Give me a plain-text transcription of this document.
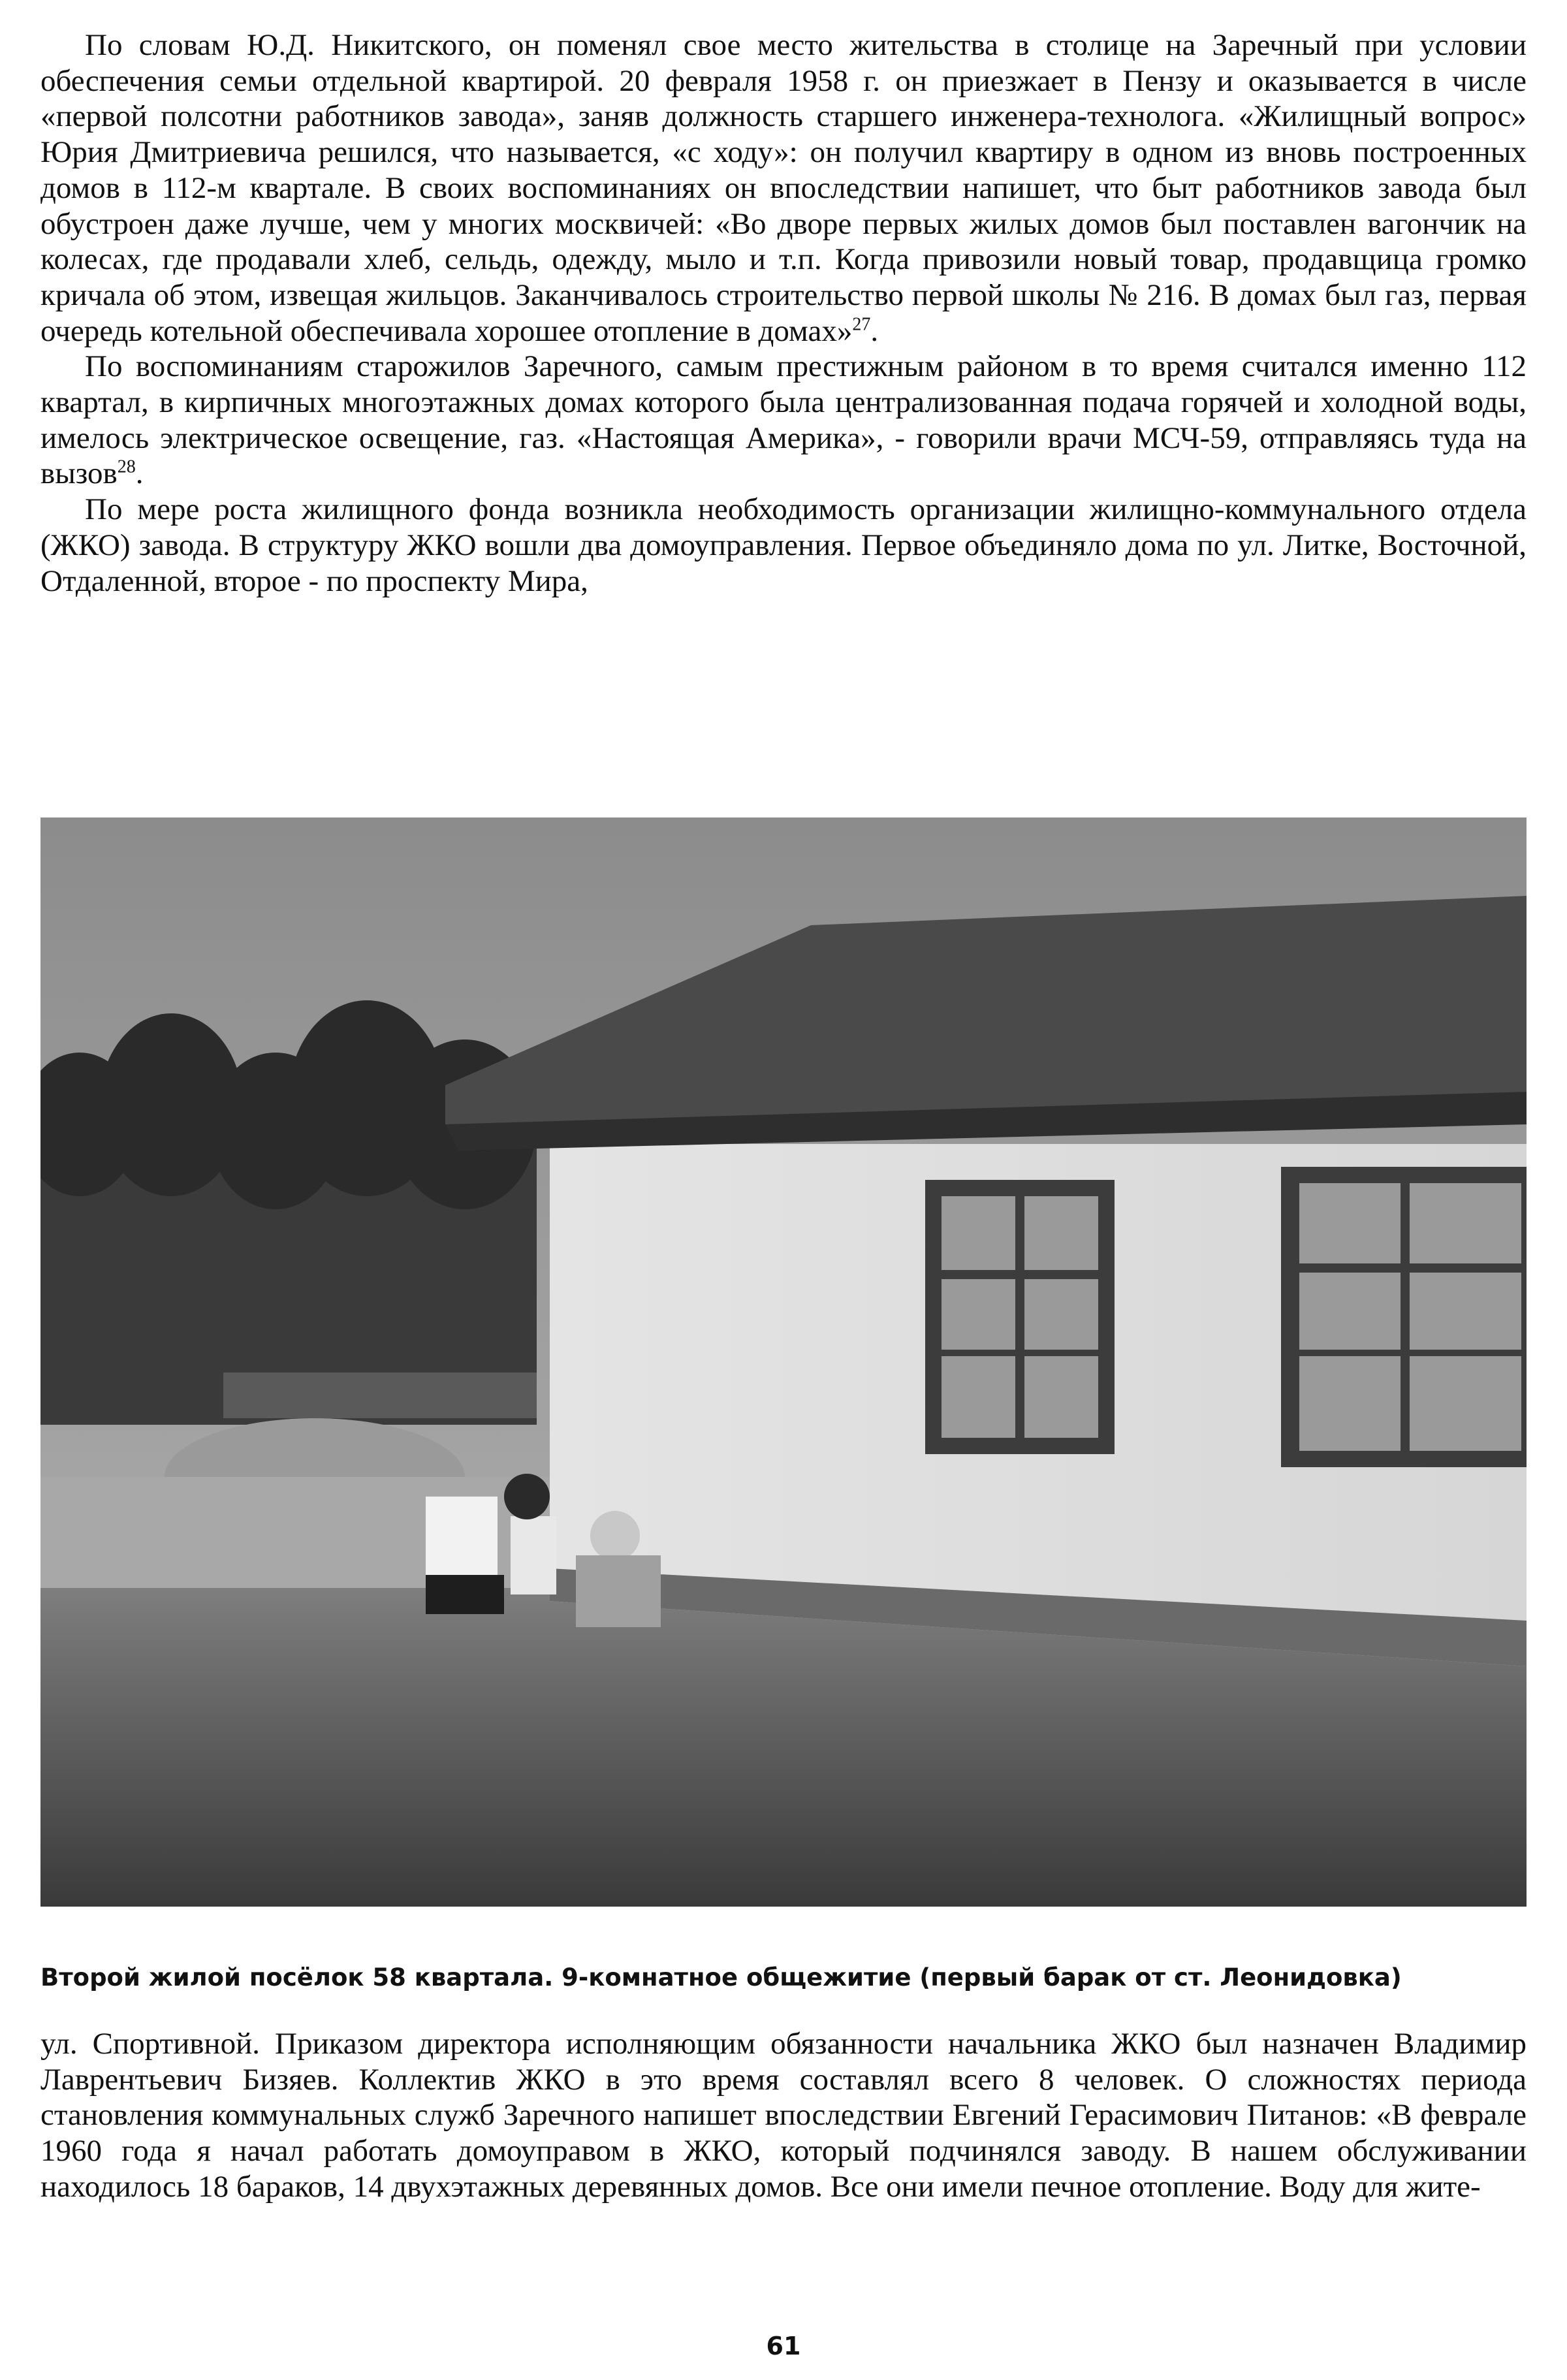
По словам Ю.Д. Никитского, он поменял свое место жительства в столице на Заречный при условии обеспечения семьи отдельной квартирой. 20 февраля 1958 г. он приезжает в Пензу и оказывается в числе «первой полсотни работников завода», заняв должность старшего инженера-технолога. «Жилищный вопрос» Юрия Дмитриевича решился, что называется, «с ходу»: он получил квартиру в одном из вновь построенных домов в 112-м квартале. В своих воспоминаниях он впоследствии напишет, что быт работников завода был обустроен даже лучше, чем у многих москвичей: «Во дворе первых жилых домов был поставлен вагончик на колесах, где продавали хлеб, сельдь, одежду, мыло и т.п. Когда привозили новый товар, продавщица громко кричала об этом, извещая жильцов. Заканчивалось строительство первой школы № 216. В домах был газ, первая очередь котельной обеспечивала хорошее отопление в домах»$^{27}$.

По воспоминаниям старожилов Заречного, самым престижным районом в то время считался именно 112 квартал, в кирпичных многоэтажных домах которого была централизованная подача горячей и холодной воды, имелось электрическое освещение, газ. «Настоящая Америка», - говорили врачи МСЧ-59, отправляясь туда на вызов$^{28}$.

По мере роста жилищного фонда возникла необходимость организации жилищно-коммунального отдела (ЖКО) завода. В структуру ЖКО вошли два домоуправления. Первое объединяло дома по ул. Литке, Восточной, Отдаленной, второе - по проспекту Мира,

Второй жилой посёлок 58 квартала. 9-комнатное общежитие (первый барак от ст. Леонидовка)

ул. Спортивной. Приказом директора исполняющим обязанности начальника ЖКО был назначен Владимир Лаврентьевич Бизяев. Коллектив ЖКО в это время составлял всего 8 человек. О сложностях периода становления коммунальных служб Заречного напишет впоследствии Евгений Герасимович Питанов: «В феврале 1960 года я начал работать домоуправом в ЖКО, который подчинялся заводу. В нашем обслуживании находилось 18 бараков, 14 двухэтажных деревянных домов. Все они имели печное отопление. Воду для жите-

61
